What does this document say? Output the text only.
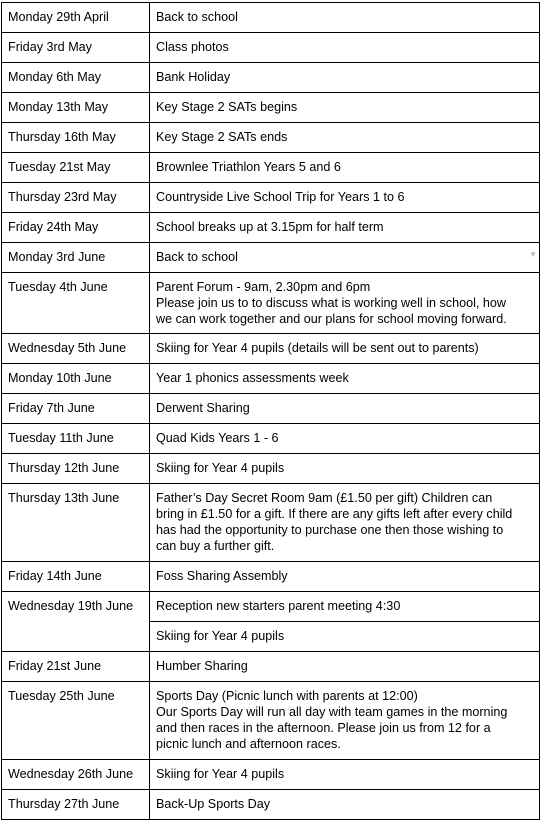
Monday 29th April	Back to school

Friday 3rd May	Class photos

Monday 6th May	Bank Holiday

Monday 13th May	Key Stage 2 SATs begins

Thursday 16th May	Key Stage 2 SATs ends

Tuesday 21st May	Brownlee Triathlon Years 5 and 6

Thursday 23rd May	Countryside Live School Trip for Years 1 to 6

Friday 24th May	School breaks up at 3.15pm for half term

Monday 3rd June	Back to school ▼

Tuesday 4th June	Parent Forum - 9am, 2.30pm and 6pm
Please join us to to discuss what is working well in school, how
we can work together and our plans for school moving forward.

Wednesday 5th June	Skiing for Year 4 pupils (details will be sent out to parents)

Monday 10th June	Year 1 phonics assessments week

Friday 7th June	Derwent Sharing

Tuesday 11th June	Quad Kids Years 1 - 6

Thursday 12th June	Skiing for Year 4 pupils

Thursday 13th June	Father’s Day Secret Room 9am (£1.50 per gift) Children can
bring in £1.50 for a gift. If there are any gifts left after every child
has had the opportunity to purchase one then those wishing to
can buy a further gift.

Friday 14th June	Foss Sharing Assembly

Wednesday 19th June	Reception new starters parent meeting 4:30

	Skiing for Year 4 pupils

Friday 21st June	Humber Sharing

Tuesday 25th June	Sports Day (Picnic lunch with parents at 12:00)
Our Sports Day will run all day with team games in the morning
and then races in the afternoon. Please join us from 12 for a
picnic lunch and afternoon races.

Wednesday 26th June	Skiing for Year 4 pupils

Thursday 27th June	Back-Up Sports Day
